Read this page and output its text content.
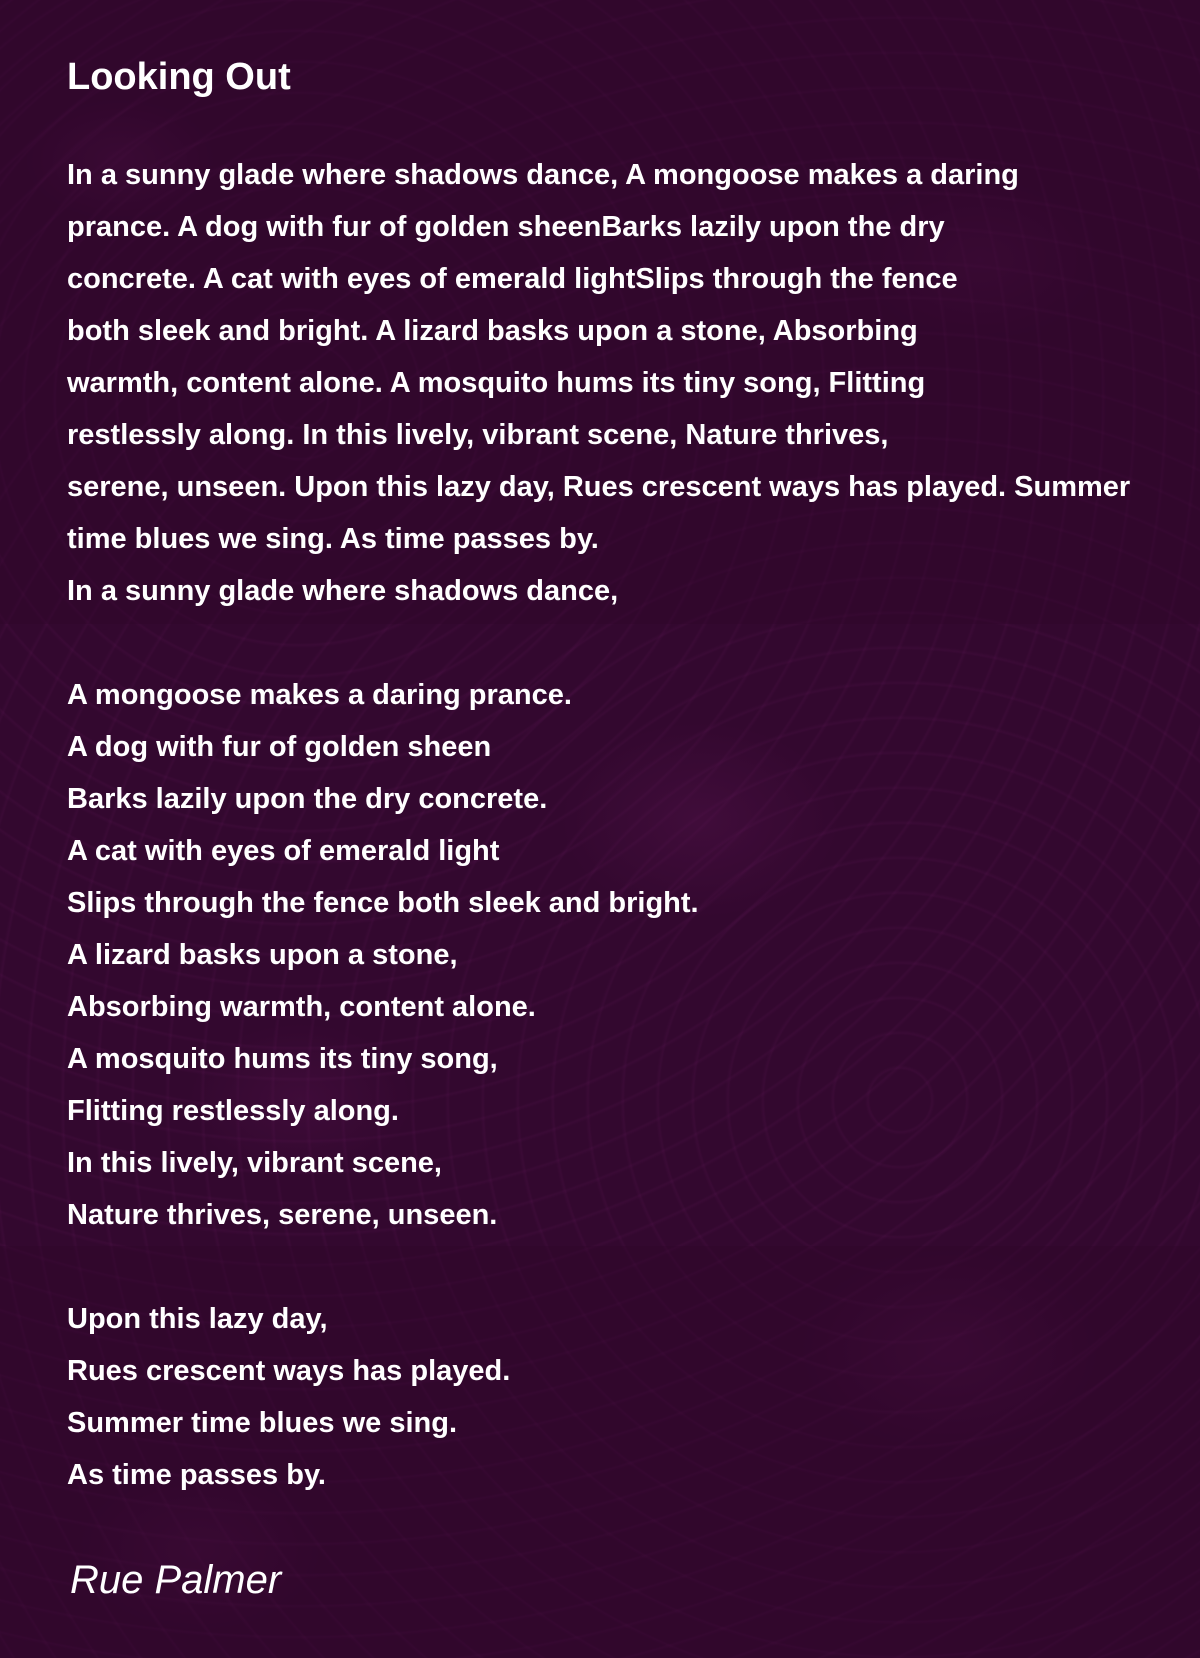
Looking Out
In a sunny glade where shadows dance, A mongoose makes a daring
prance. A dog with fur of golden sheenBarks lazily upon the dry
concrete. A cat with eyes of emerald lightSlips through the fence
both sleek and bright. A lizard basks upon a stone, Absorbing
warmth, content alone. A mosquito hums its tiny song, Flitting
restlessly along. In this lively, vibrant scene, Nature thrives,
serene, unseen. Upon this lazy day, Rues crescent ways has played. Summer
time blues we sing. As time passes by.
In a sunny glade where shadows dance,
A mongoose makes a daring prance.
A dog with fur of golden sheen
Barks lazily upon the dry concrete.
A cat with eyes of emerald light
Slips through the fence both sleek and bright.
A lizard basks upon a stone,
Absorbing warmth, content alone.
A mosquito hums its tiny song,
Flitting restlessly along.
In this lively, vibrant scene,
Nature thrives, serene, unseen.
Upon this lazy day,
Rues crescent ways has played.
Summer time blues we sing.
As time passes by.
Rue Palmer
